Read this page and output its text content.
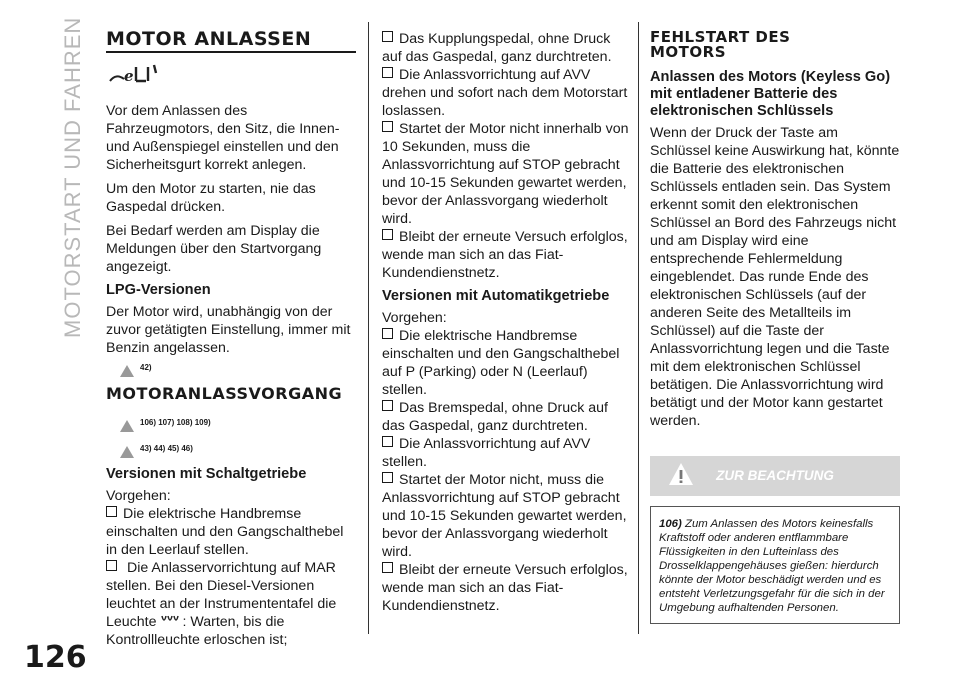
MOTORSTART UND FAHREN
126
MOTOR ANLASSEN
e

Vor dem Anlassen des Fahrzeugmotors, den Sitz, die Innen- und Außenspiegel einstellen und den Sicherheitsgurt korrekt anlegen.

Um den Motor zu starten, nie das Gaspedal drücken.

Bei Bedarf werden am Display die Meldungen über den Startvorgang angezeigt.

LPG-Versionen

Der Motor wird, unabhängig von der zuvor getätigten Einstellung, immer mit Benzin angelassen.

42)
MOTORANLASSVORGANG
106) 107) 108) 109)
43) 44) 45) 46)
Versionen mit Schaltgetriebe
Vorgehen:
Die elektrische Handbremse einschalten und den Gangschalthebel in den Leerlauf stellen.
Die Anlasservorrichtung auf MAR stellen. Bei den Diesel-Versionen leuchtet an der Instrumententafel die Leuchte : Warten, bis die Kontrollleuchte erloschen ist;
Das Kupplungspedal, ohne Druck auf das Gaspedal, ganz durchtreten.
Die Anlassvorrichtung auf AVV drehen und sofort nach dem Motorstart loslassen.
Startet der Motor nicht innerhalb von 10 Sekunden, muss die Anlassvorrichtung auf STOP gebracht und 10-15 Sekunden gewartet werden, bevor der Anlassvorgang wiederholt wird.
Bleibt der erneute Versuch erfolglos, wende man sich an das Fiat-Kundendienstnetz.
Versionen mit Automatikgetriebe
Vorgehen:
Die elektrische Handbremse einschalten und den Gangschalthebel auf P (Parking) oder N (Leerlauf) stellen.
Das Bremspedal, ohne Druck auf das Gaspedal, ganz durchtreten.
Die Anlassvorrichtung auf AVV stellen.
Startet der Motor nicht, muss die Anlassvorrichtung auf STOP gebracht und 10-15 Sekunden gewartet werden, bevor der Anlassvorgang wiederholt wird.
Bleibt der erneute Versuch erfolglos, wende man sich an das Fiat-Kundendienstnetz.
FEHLSTART DES MOTORS
Anlassen des Motors (Keyless Go) mit entladener Batterie des elektronischen Schlüssels

Wenn der Druck der Taste am Schlüssel keine Auswirkung hat, könnte die Batterie des elektronischen Schlüssels entladen sein. Das System erkennt somit den elektronischen Schlüssel an Bord des Fahrzeugs nicht und am Display wird eine entsprechende Fehlermeldung eingeblendet. Das runde Ende des elektronischen Schlüssels (auf der anderen Seite des Metallteils im Schlüssel) auf die Taste der Anlassvorrichtung legen und die Taste mit dem elektronischen Schlüssel betätigen. Die Anlassvorrichtung wird betätigt und der Motor kann gestartet werden.

ZUR BEACHTUNG
106) Zum Anlassen des Motors keinesfalls Kraftstoff oder anderen entflammbare Flüssigkeiten in den Lufteinlass des Drosselklappengehäuses gießen: hierdurch könnte der Motor beschädigt werden und es entsteht Verletzungsgefahr für die sich in der Umgebung aufhaltenden Personen.
